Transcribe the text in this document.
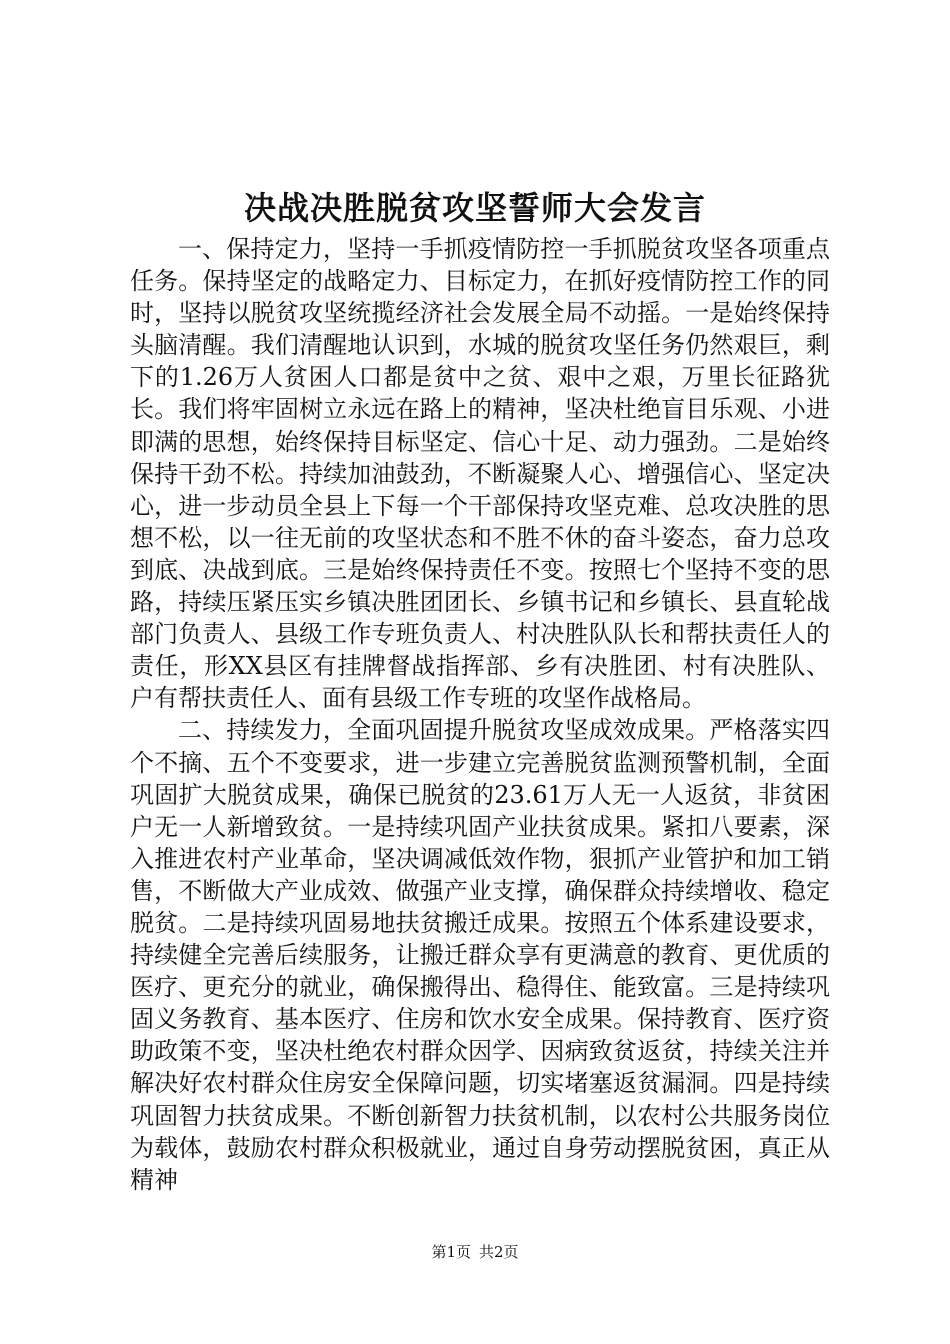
决战决胜脱贫攻坚誓师大会发言

一、保持定力，坚持一手抓疫情防控一手抓脱贫攻坚各项重点任务。保持坚定的战略定力、目标定力，在抓好疫情防控工作的同时，坚持以脱贫攻坚统揽经济社会发展全局不动摇。一是始终保持头脑清醒。我们清醒地认识到，水城的脱贫攻坚任务仍然艰巨，剩下的1.26万人贫困人口都是贫中之贫、艰中之艰，万里长征路犹长。我们将牢固树立永远在路上的精神，坚决杜绝盲目乐观、小进即满的思想，始终保持目标坚定、信心十足、动力强劲。二是始终保持干劲不松。持续加油鼓劲，不断凝聚人心、增强信心、坚定决心，进一步动员全县上下每一个干部保持攻坚克难、总攻决胜的思想不松，以一往无前的攻坚状态和不胜不休的奋斗姿态，奋力总攻到底、决战到底。三是始终保持责任不变。按照七个坚持不变的思路，持续压紧压实乡镇决胜团团长、乡镇书记和乡镇长、县直轮战部门负责人、县级工作专班负责人、村决胜队队长和帮扶责任人的责任，形XX县区有挂牌督战指挥部、乡有决胜团、村有决胜队、户有帮扶责任人、面有县级工作专班的攻坚作战格局。

二、持续发力，全面巩固提升脱贫攻坚成效成果。严格落实四个不摘、五个不变要求，进一步建立完善脱贫监测预警机制，全面巩固扩大脱贫成果，确保已脱贫的23.61万人无一人返贫，非贫困户无一人新增致贫。一是持续巩固产业扶贫成果。紧扣八要素，深入推进农村产业革命，坚决调减低效作物，狠抓产业管护和加工销售，不断做大产业成效、做强产业支撑，确保群众持续增收、稳定脱贫。二是持续巩固易地扶贫搬迁成果。按照五个体系建设要求，持续健全完善后续服务，让搬迁群众享有更满意的教育、更优质的医疗、更充分的就业，确保搬得出、稳得住、能致富。三是持续巩固义务教育、基本医疗、住房和饮水安全成果。保持教育、医疗资助政策不变，坚决杜绝农村群众因学、因病致贫返贫，持续关注并解决好农村群众住房安全保障问题，切实堵塞返贫漏洞。四是持续巩固智力扶贫成果。不断创新智力扶贫机制，以农村公共服务岗位为载体，鼓励农村群众积极就业，通过自身劳动摆脱贫困，真正从精神

第1页 共2页
